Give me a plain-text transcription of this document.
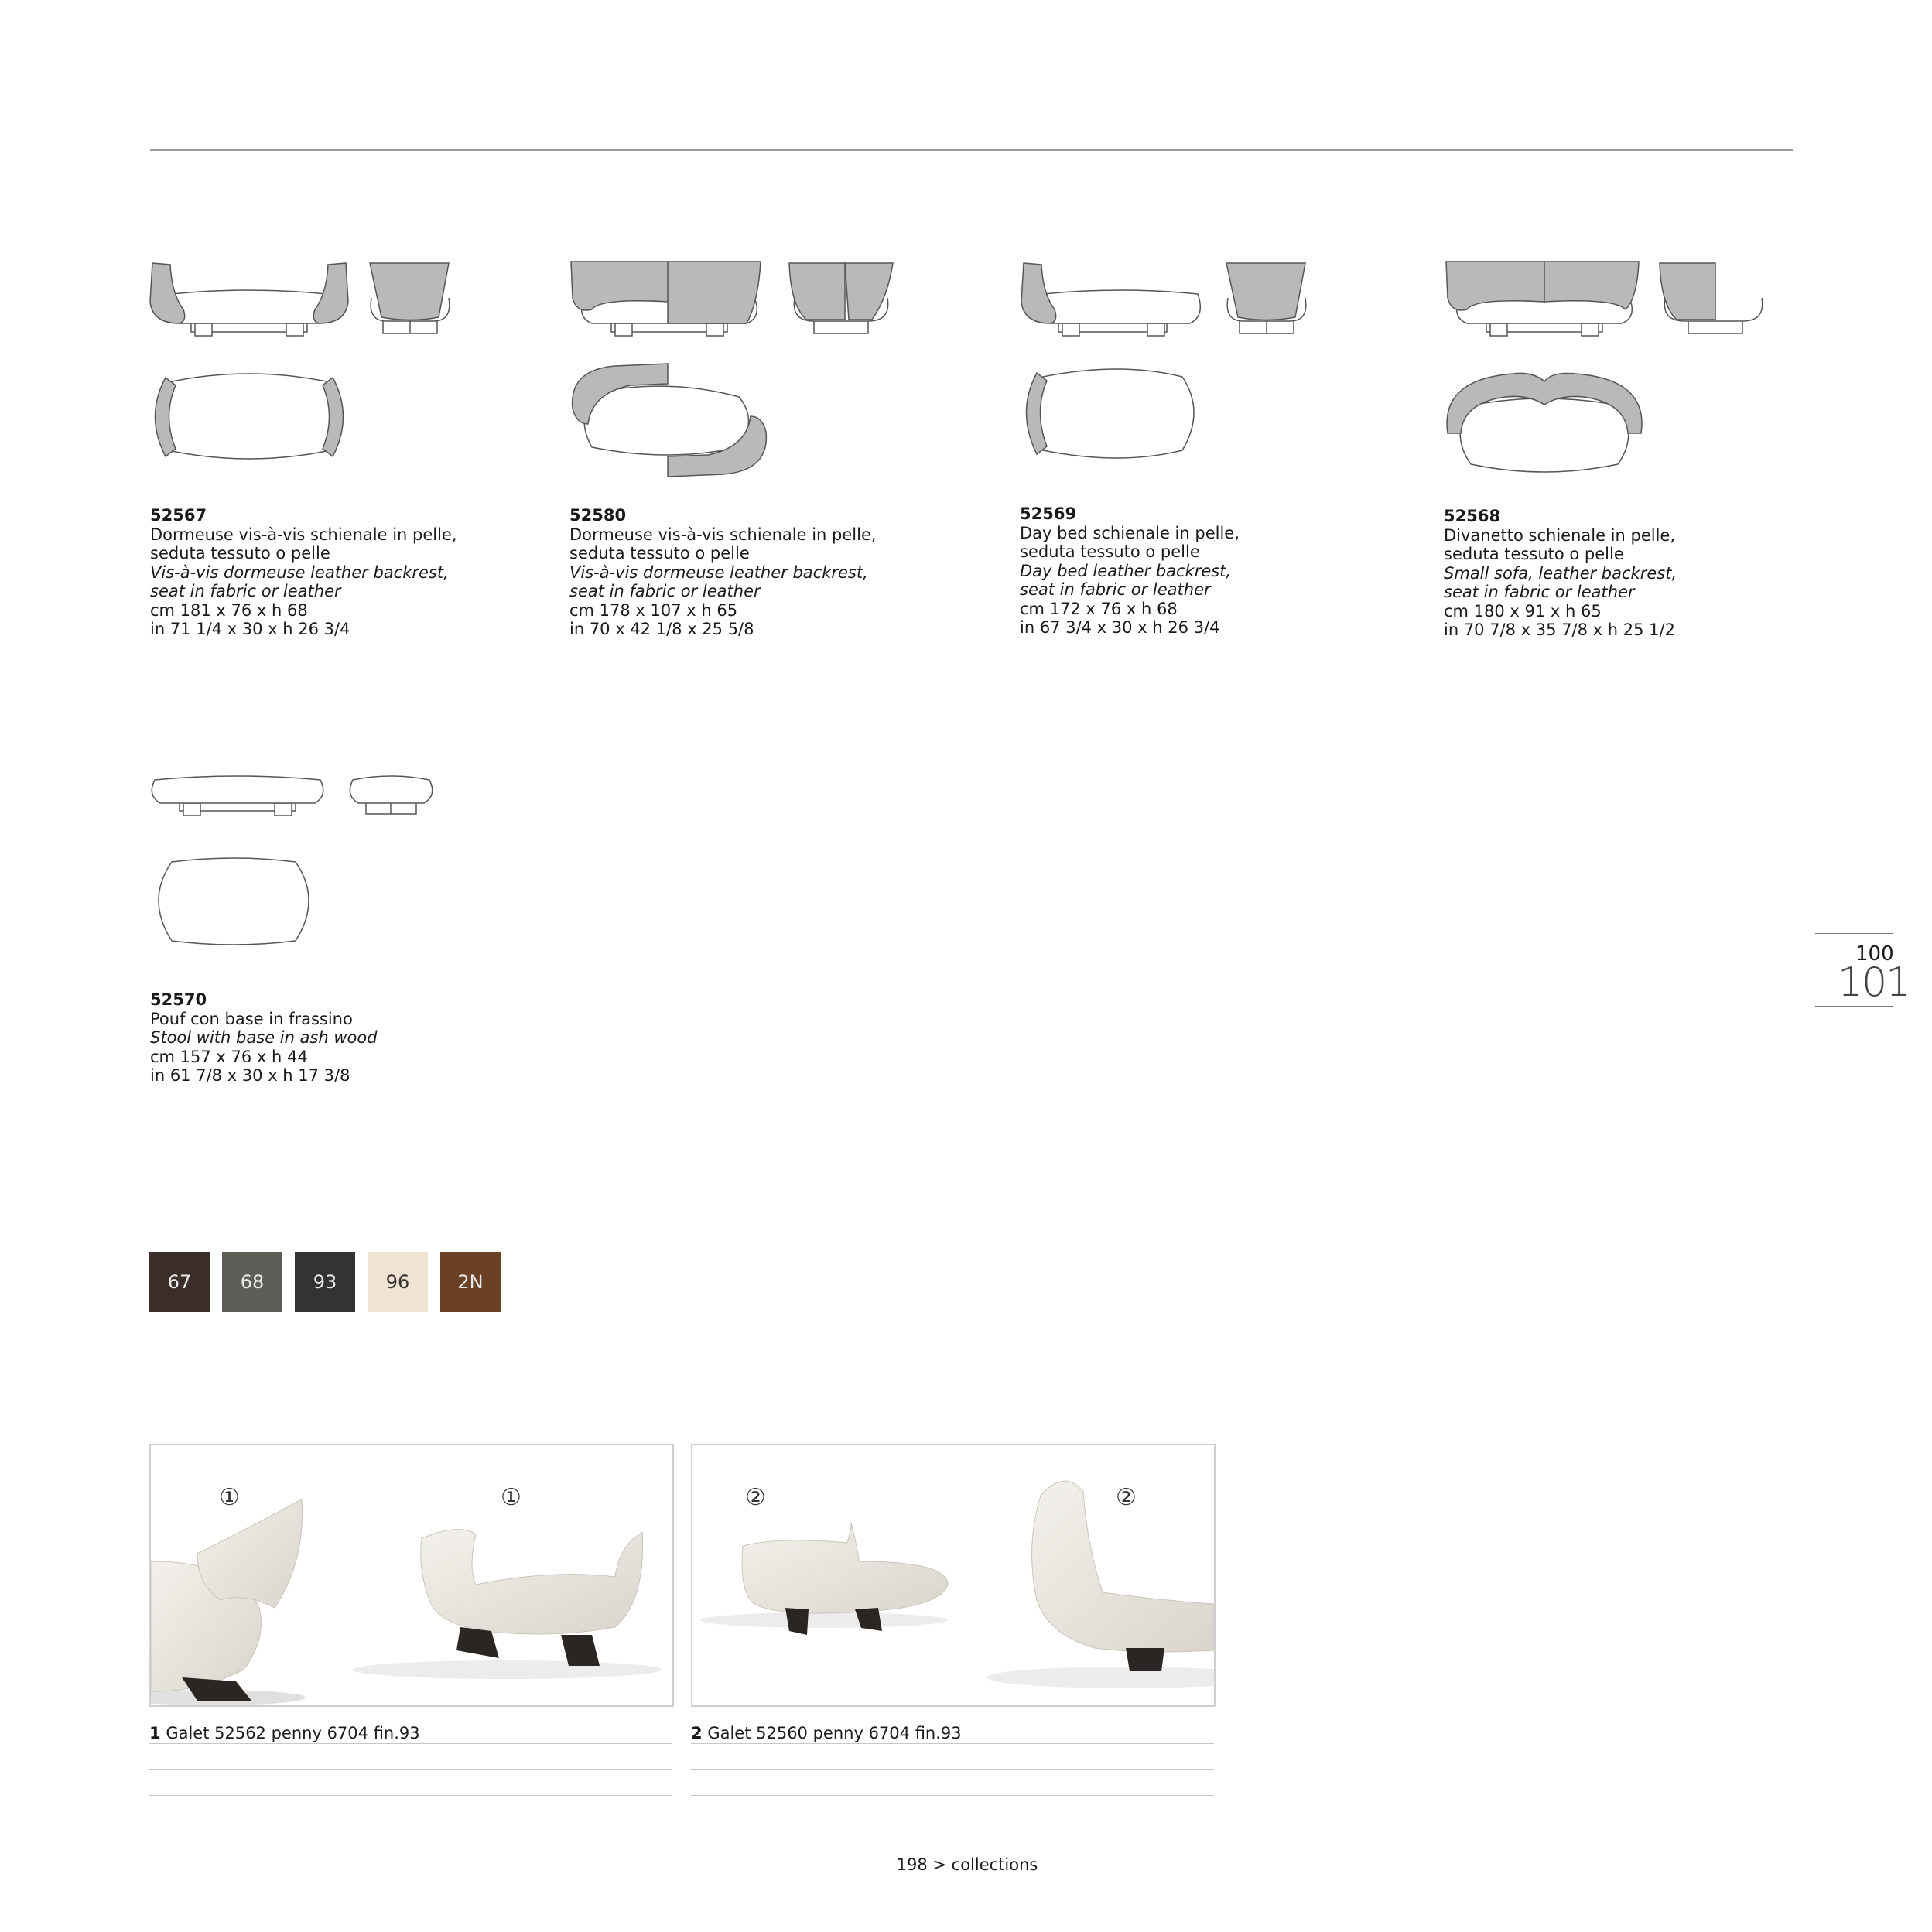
52567
Dormeuse vis-à-vis schienale in pelle,
seduta tessuto o pelle
Vis-à-vis dormeuse leather backrest,
seat in fabric or leather
cm 181 x 76 x h 68
in 71 1/4 x 30 x h 26 3/4
52580
Dormeuse vis-à-vis schienale in pelle,
seduta tessuto o pelle
Vis-à-vis dormeuse leather backrest,
seat in fabric or leather
cm 178 x 107 x h 65
in 70 x 42 1/8 x 25 5/8
52569
Day bed schienale in pelle,
seduta tessuto o pelle
Day bed leather backrest,
seat in fabric or leather
cm 172 x 76 x h 68
in 67 3/4 x 30 x h 26 3/4
52568
Divanetto schienale in pelle,
seduta tessuto o pelle
Small sofa, leather backrest,
seat in fabric or leather
cm 180 x 91 x h 65
in 70 7/8 x 35 7/8 x h 25 1/2
52570
Pouf con base in frassino
Stool with base in ash wood
cm 157 x 76 x h 44
in 61 7/8 x 30 x h 17 3/8
67	68	93	96	2N
①	①	②	②
1 Galet 52562 penny 6704 fin.93	2 Galet 52560 penny 6704 fin.93
100
101
198 > collections
